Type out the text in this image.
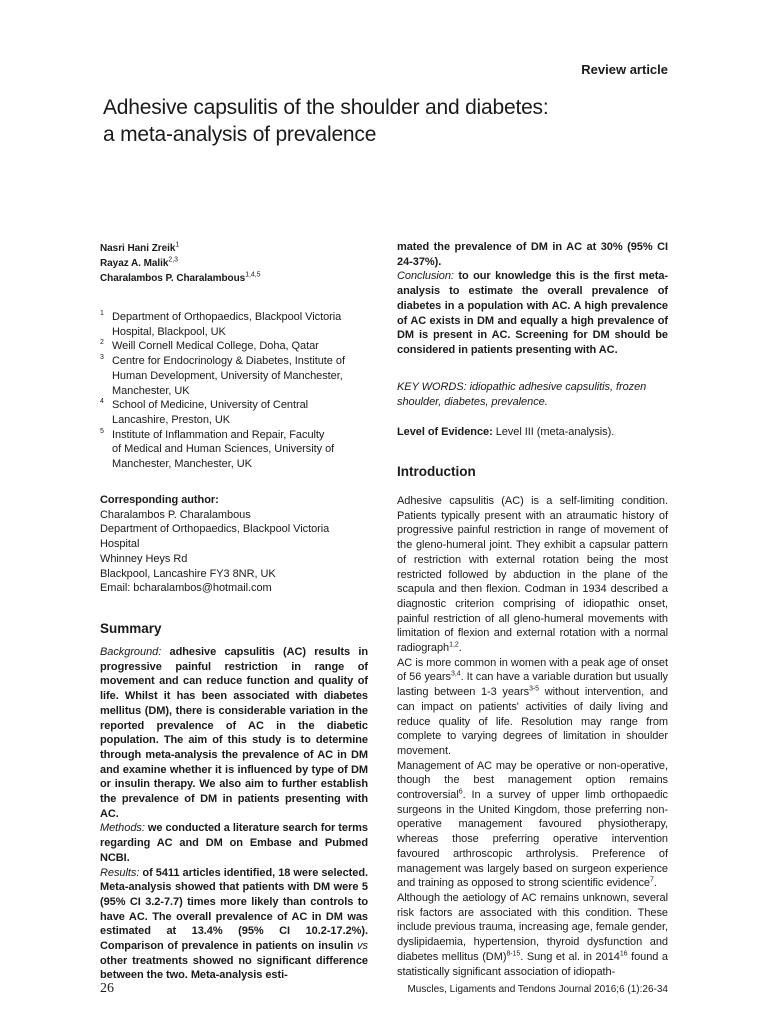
Review article
Adhesive capsulitis of the shoulder and diabetes:
a meta-analysis of prevalence
Nasri Hani Zreik$^1$
Rayaz A. Malik$^{2,3}$
Charalambos P. Charalambous$^{1,4,5}$
1 Department of Orthopaedics, Blackpool Victoria
Hospital, Blackpool, UK
2 Weill Cornell Medical College, Doha, Qatar
3 Centre for Endocrinology & Diabetes, Institute of
Human Development, University of Manchester,
Manchester, UK
4 School of Medicine, University of Central
Lancashire, Preston, UK
5 Institute of Inflammation and Repair, Faculty
of Medical and Human Sciences, University of
Manchester, Manchester, UK
Corresponding author:
Charalambos P. Charalambous
Department of Orthopaedics, Blackpool Victoria
Hospital
Whinney Heys Rd
Blackpool, Lancashire FY3 8NR, UK
Email: bcharalambos@hotmail.com
Summary

Background: adhesive capsulitis (AC) results in progressive painful restriction in range of movement and can reduce function and quality of life. Whilst it has been associated with diabetes mellitus (DM), there is considerable variation in the reported prevalence of AC in the diabetic population. The aim of this study is to determine through meta-analysis the prevalence of AC in DM and examine whether it is influenced by type of DM or insulin therapy. We also aim to further establish the prevalence of DM in patients presenting with AC.

Methods: we conducted a literature search for terms regarding AC and DM on Embase and Pubmed NCBI.

Results: of 5411 articles identified, 18 were selected. Meta-analysis showed that patients with DM were 5 (95% CI 3.2-7.7) times more likely than controls to have AC. The overall prevalence of AC in DM was estimated at 13.4% (95% CI 10.2-17.2%). Comparison of prevalence in patients on insulin vs other treatments showed no significant difference between the two. Meta-analysis esti-

mated the prevalence of DM in AC at 30% (95% CI 24-37%).

Conclusion: to our knowledge this is the first meta-analysis to estimate the overall prevalence of diabetes in a population with AC. A high prevalence of AC exists in DM and equally a high prevalence of DM is present in AC. Screening for DM should be considered in patients presenting with AC.

KEY WORDS: idiopathic adhesive capsulitis, frozen shoulder, diabetes, prevalence.
Level of Evidence: Level III (meta-analysis).
Introduction

Adhesive capsulitis (AC) is a self-limiting condition. Patients typically present with an atraumatic history of progressive painful restriction in range of movement of the gleno-humeral joint. They exhibit a capsular pattern of restriction with external rotation being the most restricted followed by abduction in the plane of the scapula and then flexion. Codman in 1934 described a diagnostic criterion comprising of idiopathic onset, painful restriction of all gleno-humeral movements with limitation of flexion and external rotation with a normal radiograph$^{1,2}$.

AC is more common in women with a peak age of onset of 56 years$^{3,4}$. It can have a variable duration but usually lasting between 1-3 years$^{3-5}$ without intervention, and can impact on patients' activities of daily living and reduce quality of life. Resolution may range from complete to varying degrees of limitation in shoulder movement.

Management of AC may be operative or non-operative, though the best management option remains controversial$^6$. In a survey of upper limb orthopaedic surgeons in the United Kingdom, those preferring non-operative management favoured physiotherapy, whereas those preferring operative intervention favoured arthroscopic arthrolysis. Preference of management was largely based on surgeon experience and training as opposed to strong scientific evidence$^7$.

Although the aetiology of AC remains unknown, several risk factors are associated with this condition. These include previous trauma, increasing age, female gender, dyslipidaemia, hypertension, thyroid dysfunction and diabetes mellitus (DM)$^{8-15}$. Sung et al. in 2014$^{16}$ found a statistically significant association of idiopath-

26	Muscles, Ligaments and Tendons Journal 2016;6 (1):26-34
